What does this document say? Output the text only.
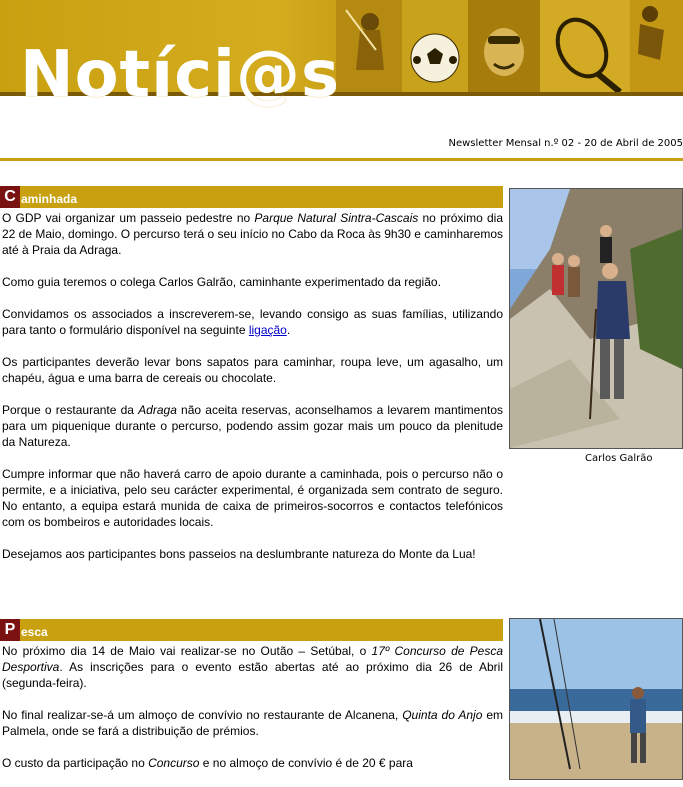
Notíci@s
Newsletter Mensal n.º 02 - 20 de Abril de 2005
C aminhada

O GDP vai organizar um passeio pedestre no Parque Natural Sintra-Cascais no próximo dia 22 de Maio, domingo. O percurso terá o seu início no Cabo da Roca às 9h30 e caminharemos até à Praia da Adraga.

Como guia teremos o colega Carlos Galrão, caminhante experimentado da região.

Convidamos os associados a inscreverem-se, levando consigo as suas famílias, utilizando para tanto o formulário disponível na seguinte ligação.

Os participantes deverão levar bons sapatos para caminhar, roupa leve, um agasalho, um chapéu, água e uma barra de cereais ou chocolate.

Porque o restaurante da Adraga não aceita reservas, aconselhamos a levarem mantimentos para um piquenique durante o percurso, podendo assim gozar mais um pouco da plenitude da Natureza.

Cumpre informar que não haverá carro de apoio durante a caminhada, pois o percurso não o permite, e a iniciativa, pelo seu carácter experimental, é organizada sem contrato de seguro. No entanto, a equipa estará munida de caixa de primeiros-socorros e contactos telefónicos com os bombeiros e autoridades locais.

Desejamos aos participantes bons passeios na deslumbrante natureza do Monte da Lua!

Carlos Galrão
P esca

No próximo dia 14 de Maio vai realizar-se no Outão – Setúbal, o 17º Concurso de Pesca Desportiva. As inscrições para o evento estão abertas até ao próximo dia 26 de Abril (segunda-feira).

No final realizar-se-á um almoço de convívio no restaurante de Alcanena, Quinta do Anjo em Palmela, onde se fará a distribuição de prémios.

O custo da participação no Concurso e no almoço de convívio é de 20 € para
